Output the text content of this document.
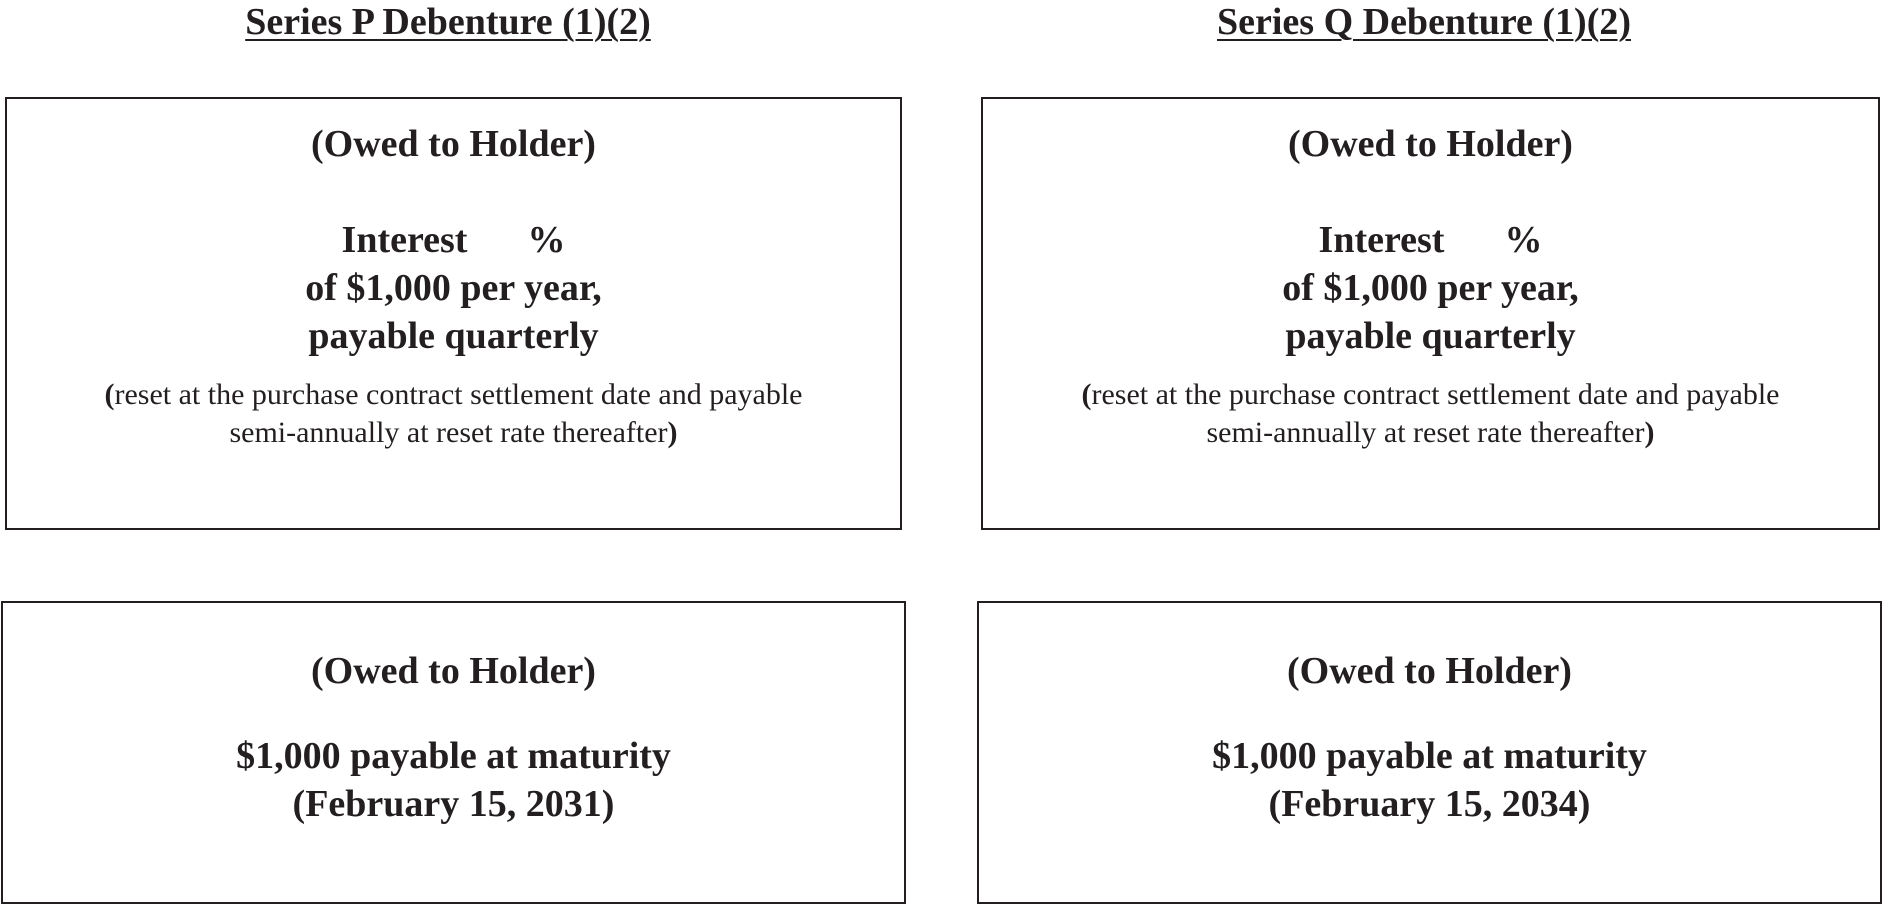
Series P Debenture (1)(2)
(Owed to Holder)
Interest %
of $1,000 per year,
payable quarterly
(reset at the purchase contract settlement date and payable
semi-annually at reset rate thereafter)
(Owed to Holder)
$1,000 payable at maturity
(February 15, 2031)
Series Q Debenture (1)(2)
(Owed to Holder)
Interest %
of $1,000 per year,
payable quarterly
(reset at the purchase contract settlement date and payable
semi-annually at reset rate thereafter)
(Owed to Holder)
$1,000 payable at maturity
(February 15, 2034)
